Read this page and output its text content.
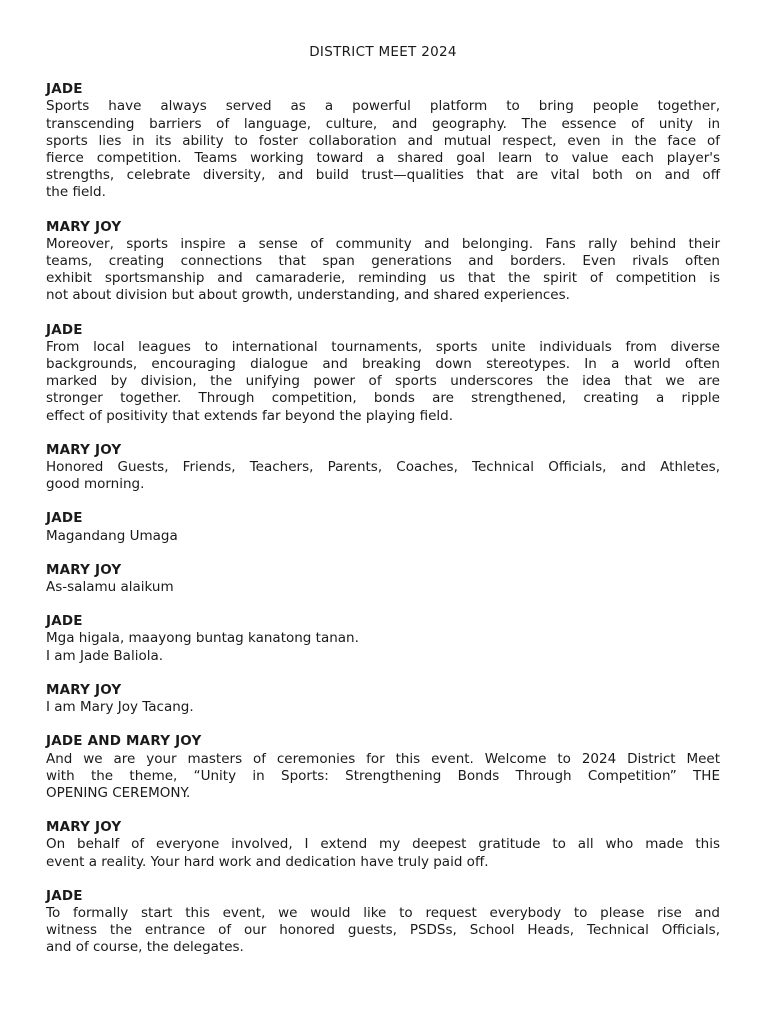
DISTRICT MEET 2024
JADE
Sports have always served as a powerful platform to bring people together,
transcending barriers of language, culture, and geography. The essence of unity in
sports lies in its ability to foster collaboration and mutual respect, even in the face of
fierce competition. Teams working toward a shared goal learn to value each player's
strengths, celebrate diversity, and build trust—qualities that are vital both on and off
the field.
MARY JOY
Moreover, sports inspire a sense of community and belonging. Fans rally behind their
teams, creating connections that span generations and borders. Even rivals often
exhibit sportsmanship and camaraderie, reminding us that the spirit of competition is
not about division but about growth, understanding, and shared experiences.
JADE
From local leagues to international tournaments, sports unite individuals from diverse
backgrounds, encouraging dialogue and breaking down stereotypes. In a world often
marked by division, the unifying power of sports underscores the idea that we are
stronger together. Through competition, bonds are strengthened, creating a ripple
effect of positivity that extends far beyond the playing field.
MARY JOY
Honored Guests, Friends, Teachers, Parents, Coaches, Technical Officials, and Athletes,
good morning.
JADE
Magandang Umaga
MARY JOY
As-salamu alaikum
JADE
Mga higala, maayong buntag kanatong tanan.
I am Jade Baliola.
MARY JOY
I am Mary Joy Tacang.
JADE AND MARY JOY
And we are your masters of ceremonies for this event. Welcome to 2024 District Meet
with the theme, “Unity in Sports: Strengthening Bonds Through Competition” THE
OPENING CEREMONY.
MARY JOY
On behalf of everyone involved, I extend my deepest gratitude to all who made this
event a reality. Your hard work and dedication have truly paid off.
JADE
To formally start this event, we would like to request everybody to please rise and
witness the entrance of our honored guests, PSDSs, School Heads, Technical Officials,
and of course, the delegates.
